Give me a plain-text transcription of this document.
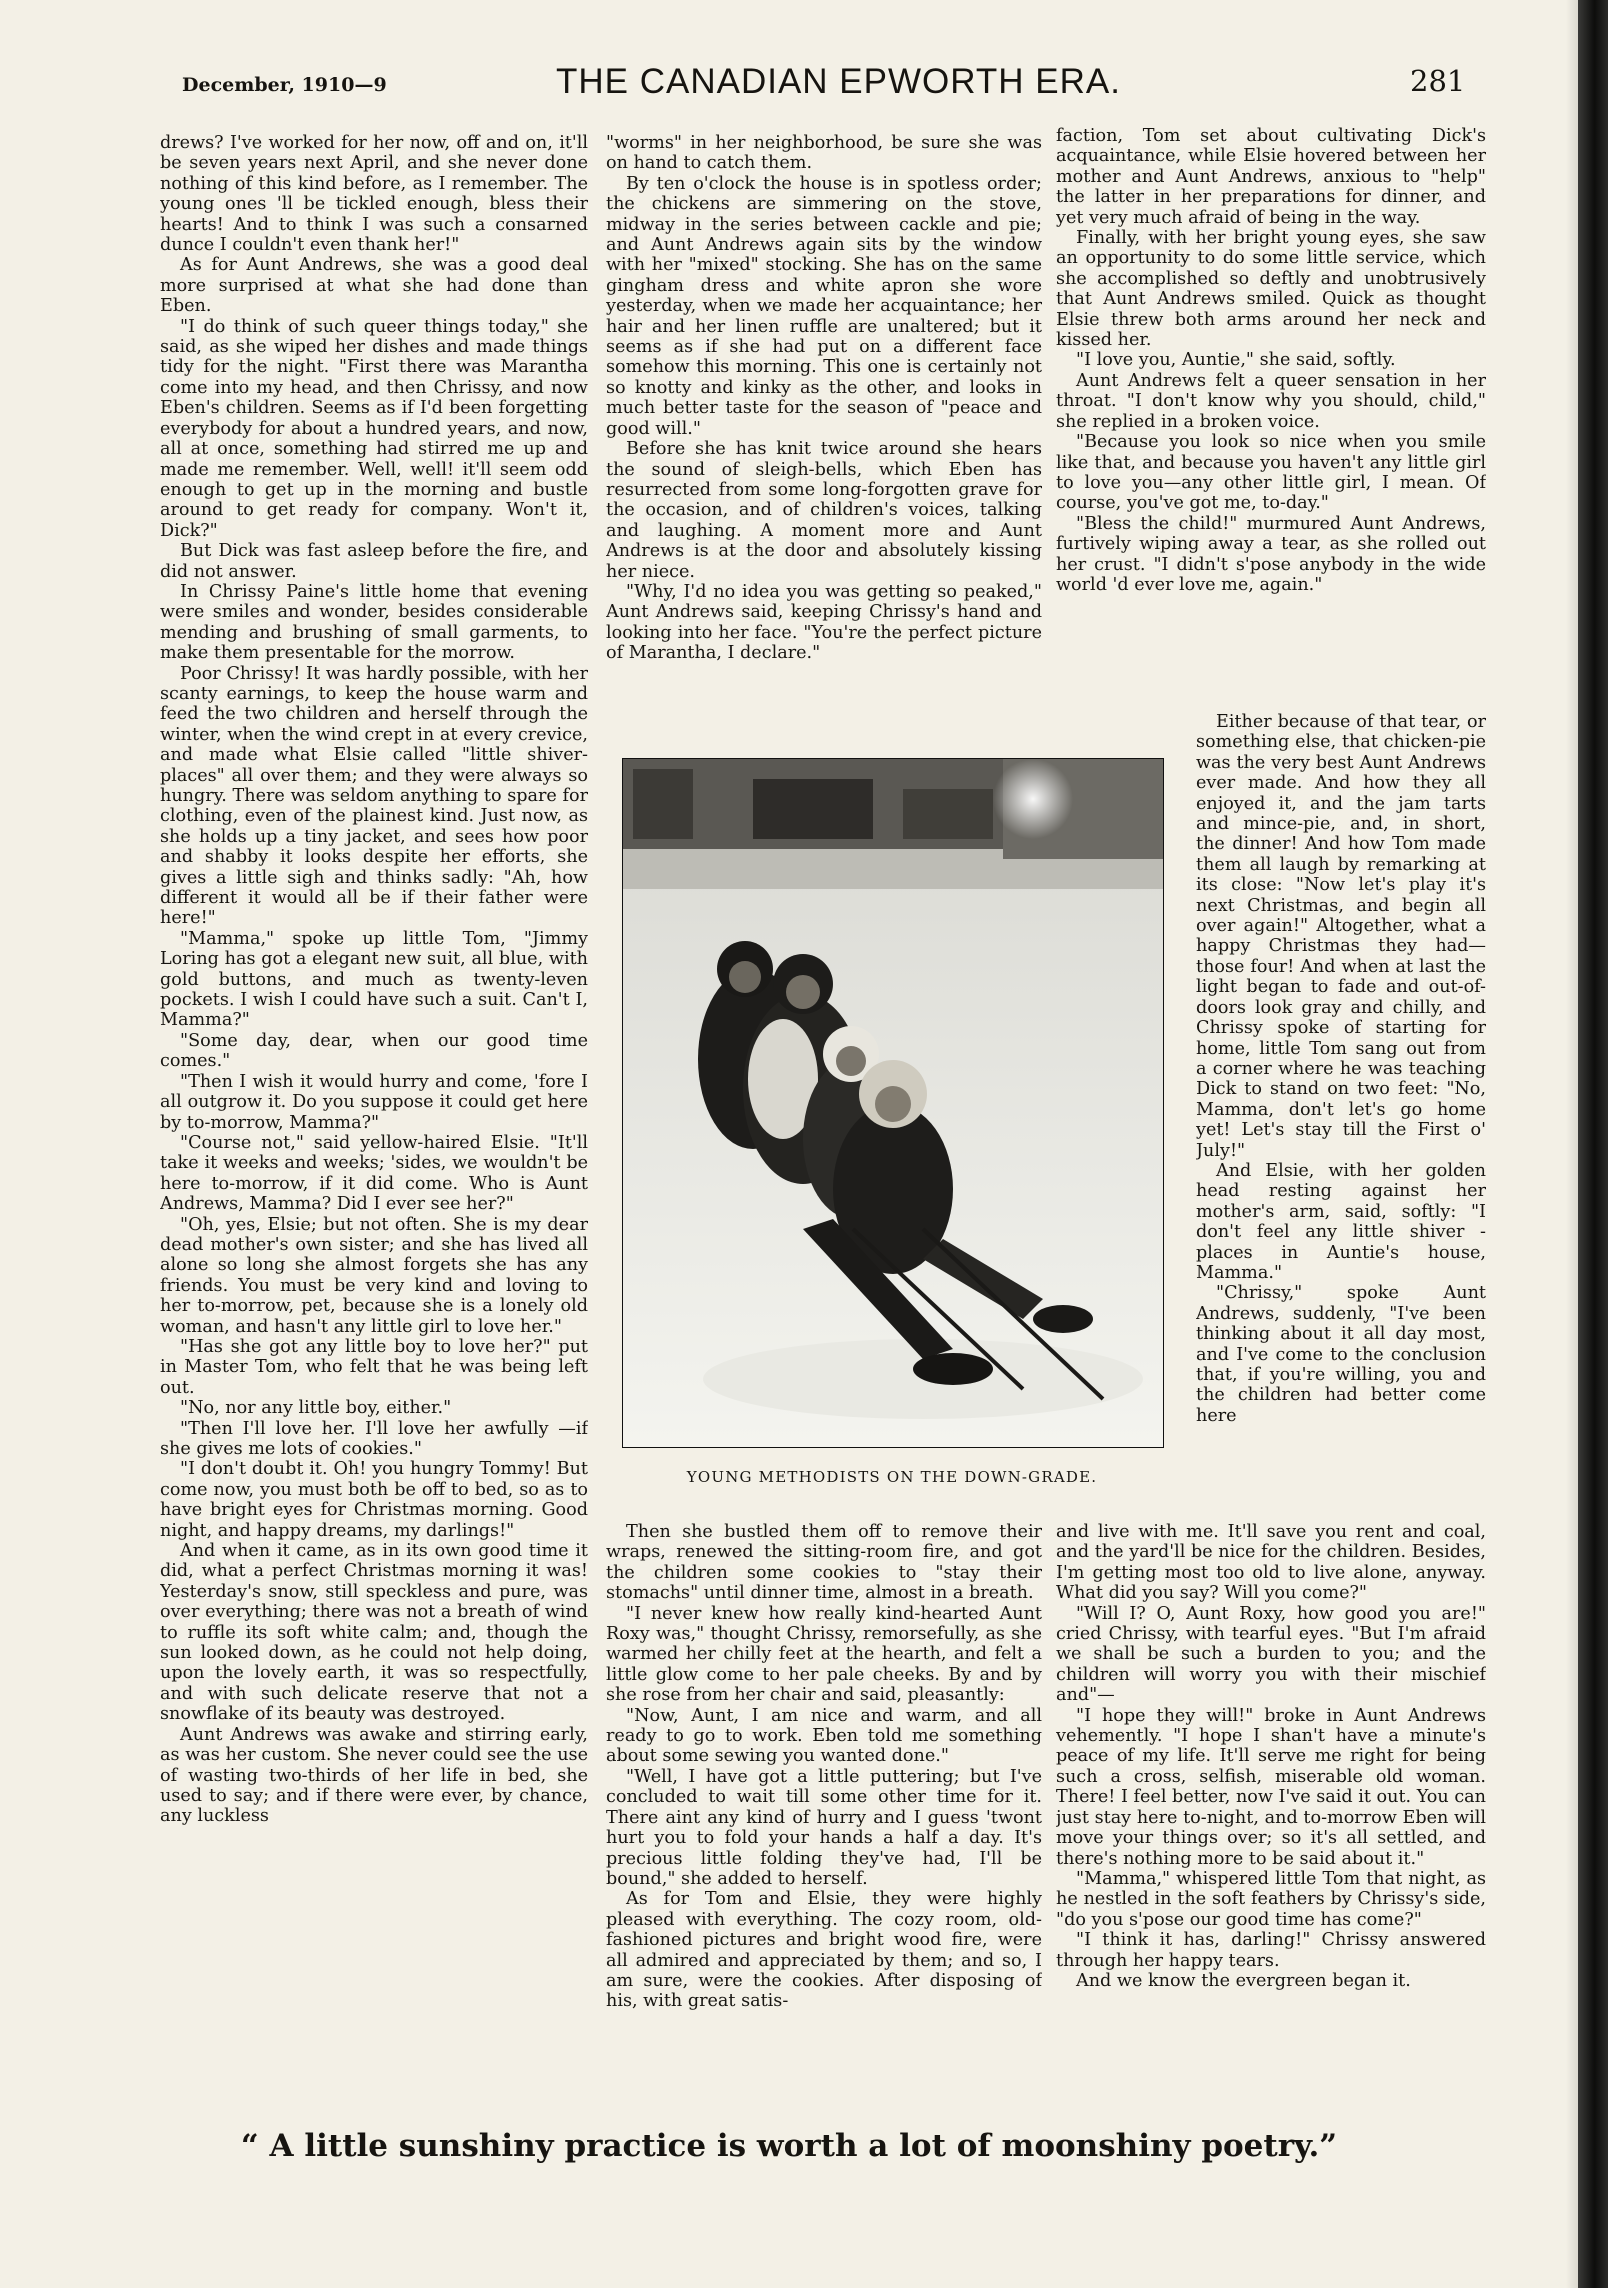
December, 1910—9	THE CANADIAN EPWORTH ERA.	281

drews? I've worked for her now, off and on, it'll be seven years next April, and she never done nothing of this kind before, as I remember. The young ones 'll be tickled enough, bless their hearts! And to think I was such a consarned dunce I couldn't even thank her!"

As for Aunt Andrews, she was a good deal more surprised at what she had done than Eben.

"I do think of such queer things today," she said, as she wiped her dishes and made things tidy for the night. "First there was Marantha come into my head, and then Chrissy, and now Eben's children. Seems as if I'd been forgetting everybody for about a hundred years, and now, all at once, something had stirred me up and made me remember. Well, well! it'll seem odd enough to get up in the morning and bustle around to get ready for company. Won't it, Dick?"

But Dick was fast asleep before the fire, and did not answer.

In Chrissy Paine's little home that evening were smiles and wonder, besides considerable mending and brushing of small garments, to make them presentable for the morrow.

Poor Chrissy! It was hardly possible, with her scanty earnings, to keep the house warm and feed the two children and herself through the winter, when the wind crept in at every crevice, and made what Elsie called "little shiver-places" all over them; and they were always so hungry. There was seldom anything to spare for clothing, even of the plainest kind. Just now, as she holds up a tiny jacket, and sees how poor and shabby it looks despite her efforts, she gives a little sigh and thinks sadly: "Ah, how different it would all be if their father were here!"

"Mamma," spoke up little Tom, "Jimmy Loring has got a elegant new suit, all blue, with gold buttons, and much as twenty-leven pockets. I wish I could have such a suit. Can't I, Mamma?"

"Some day, dear, when our good time comes."

"Then I wish it would hurry and come, 'fore I all outgrow it. Do you suppose it could get here by to-morrow, Mamma?"

"Course not," said yellow-haired Elsie. "It'll take it weeks and weeks; 'sides, we wouldn't be here to-morrow, if it did come. Who is Aunt Andrews, Mamma? Did I ever see her?"

"Oh, yes, Elsie; but not often. She is my dear dead mother's own sister; and she has lived all alone so long she almost forgets she has any friends. You must be very kind and loving to her to-morrow, pet, because she is a lonely old woman, and hasn't any little girl to love her."

"Has she got any little boy to love her?" put in Master Tom, who felt that he was being left out.

"No, nor any little boy, either."

"Then I'll love her. I'll love her awfully —if she gives me lots of cookies."

"I don't doubt it. Oh! you hungry Tommy! But come now, you must both be off to bed, so as to have bright eyes for Christmas morning. Good night, and happy dreams, my darlings!"

And when it came, as in its own good time it did, what a perfect Christmas morning it was! Yesterday's snow, still speckless and pure, was over everything; there was not a breath of wind to ruffle its soft white calm; and, though the sun looked down, as he could not help doing, upon the lovely earth, it was so respectfully, and with such delicate reserve that not a snowflake of its beauty was destroyed.

Aunt Andrews was awake and stirring early, as was her custom. She never could see the use of wasting two-thirds of her life in bed, she used to say; and if there were ever, by chance, any luckless

"worms" in her neighborhood, be sure she was on hand to catch them.

By ten o'clock the house is in spotless order; the chickens are simmering on the stove, midway in the series between cackle and pie; and Aunt Andrews again sits by the window with her "mixed" stocking. She has on the same gingham dress and white apron she wore yesterday, when we made her acquaintance; her hair and her linen ruffle are unaltered; but it seems as if she had put on a different face somehow this morning. This one is certainly not so knotty and kinky as the other, and looks in much better taste for the season of "peace and good will."

Before she has knit twice around she hears the sound of sleigh-bells, which Eben has resurrected from some long-forgotten grave for the occasion, and of children's voices, talking and laughing. A moment more and Aunt Andrews is at the door and absolutely kissing her niece.

"Why, I'd no idea you was getting so peaked," Aunt Andrews said, keeping Chrissy's hand and looking into her face. "You're the perfect picture of Marantha, I declare."

YOUNG METHODISTS ON THE DOWN-GRADE.

Then she bustled them off to remove their wraps, renewed the sitting-room fire, and got the children some cookies to "stay their stomachs" until dinner time, almost in a breath.

"I never knew how really kind-hearted Aunt Roxy was," thought Chrissy, remorsefully, as she warmed her chilly feet at the hearth, and felt a little glow come to her pale cheeks. By and by she rose from her chair and said, pleasantly:

"Now, Aunt, I am nice and warm, and all ready to go to work. Eben told me something about some sewing you wanted done."

"Well, I have got a little puttering; but I've concluded to wait till some other time for it. There aint any kind of hurry and I guess 'twont hurt you to fold your hands a half a day. It's precious little folding they've had, I'll be bound," she added to herself.

As for Tom and Elsie, they were highly pleased with everything. The cozy room, old-fashioned pictures and bright wood fire, were all admired and appreciated by them; and so, I am sure, were the cookies. After disposing of his, with great satis-

faction, Tom set about cultivating Dick's acquaintance, while Elsie hovered between her mother and Aunt Andrews, anxious to "help" the latter in her preparations for dinner, and yet very much afraid of being in the way.

Finally, with her bright young eyes, she saw an opportunity to do some little service, which she accomplished so deftly and unobtrusively that Aunt Andrews smiled. Quick as thought Elsie threw both arms around her neck and kissed her.

"I love you, Auntie," she said, softly.

Aunt Andrews felt a queer sensation in her throat. "I don't know why you should, child," she replied in a broken voice.

"Because you look so nice when you smile like that, and because you haven't any little girl to love you—any other little girl, I mean. Of course, you've got me, to-day."

"Bless the child!" murmured Aunt Andrews, furtively wiping away a tear, as she rolled out her crust. "I didn't s'pose anybody in the wide world 'd ever love me, again."

Either because of that tear, or something else, that chicken-pie was the very best Aunt Andrews ever made. And how they all enjoyed it, and the jam tarts and mince-pie, and, in short, the dinner! And how Tom made them all laugh by remarking at its close: "Now let's play it's next Christmas, and begin all over again!" Altogether, what a happy Christmas they had—those four! And when at last the light began to fade and out-of-doors look gray and chilly, and Chrissy spoke of starting for home, little Tom sang out from a corner where he was teaching Dick to stand on two feet: "No, Mamma, don't let's go home yet! Let's stay till the First o' July!"

And Elsie, with her golden head resting against her mother's arm, said, softly: "I don't feel any little shiver - places in Auntie's house, Mamma."

"Chrissy," spoke Aunt Andrews, suddenly, "I've been thinking about it all day most, and I've come to the conclusion that, if you're willing, you and the children had better come here

and live with me. It'll save you rent and coal, and the yard'll be nice for the children. Besides, I'm getting most too old to live alone, anyway. What did you say? Will you come?"

"Will I? O, Aunt Roxy, how good you are!" cried Chrissy, with tearful eyes. "But I'm afraid we shall be such a burden to you; and the children will worry you with their mischief and"—

"I hope they will!" broke in Aunt Andrews vehemently. "I hope I shan't have a minute's peace of my life. It'll serve me right for being such a cross, selfish, miserable old woman. There! I feel better, now I've said it out. You can just stay here to-night, and to-morrow Eben will move your things over; so it's all settled, and there's nothing more to be said about it."

"Mamma," whispered little Tom that night, as he nestled in the soft feathers by Chrissy's side, "do you s'pose our good time has come?"

"I think it has, darling!" Chrissy answered through her happy tears.

And we know the evergreen began it.

“ A little sunshiny practice is worth a lot of moonshiny poetry.”
